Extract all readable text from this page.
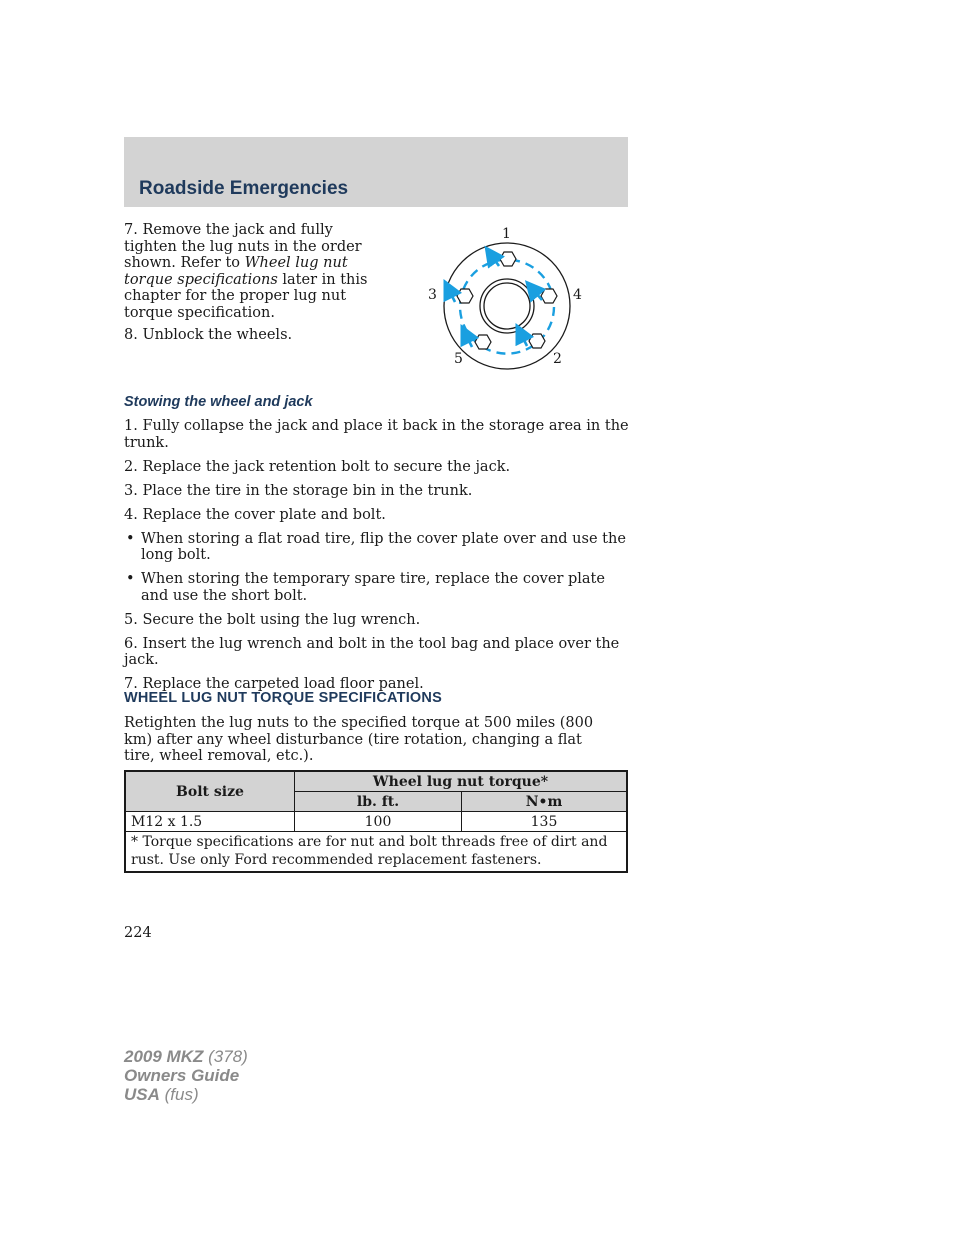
Roadside Emergencies

7. Remove the jack and fully tighten the lug nuts in the order shown. Refer to Wheel lug nut torque specifications later in this chapter for the proper lug nut torque specification.

8. Unblock the wheels.

1
2
3	4
5
Stowing the wheel and jack

1. Fully collapse the jack and place it back in the storage area in the trunk.

2. Replace the jack retention bolt to secure the jack.

3. Place the tire in the storage bin in the trunk.

4. Replace the cover plate and bolt.

• When storing a flat road tire, flip the cover plate over and use the long bolt.

• When storing the temporary spare tire, replace the cover plate and use the short bolt.

5. Secure the bolt using the lug wrench.

6. Insert the lug wrench and bolt in the tool bag and place over the jack.

7. Replace the carpeted load floor panel.

WHEEL LUG NUT TORQUE SPECIFICATIONS

Retighten the lug nuts to the specified torque at 500 miles (800 km) after any wheel disturbance (tire rotation, changing a flat tire, wheel removal, etc.).

Bolt size	Wheel lug nut torque*	
	lb. ft.	N•m
M12 x 1.5	100	135
* Torque specifications are for nut and bolt threads free of dirt and rust. Use only Ford recommended replacement fasteners.		

224

2009 MKZ (378)
Owners Guide
USA (fus)
